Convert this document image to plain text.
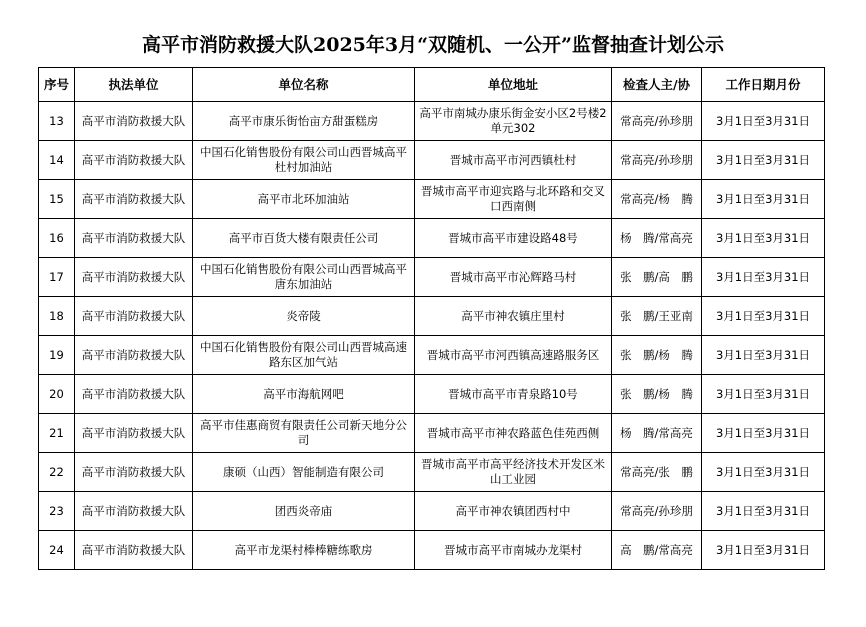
高平市消防救援大队2025年3月“双随机、一公开”监督抽查计划公示
序号	执法单位	单位名称	单位地址	检查人主/协	工作日期月份
13	高平市消防救援大队	高平市康乐街怡亩方甜蛋糕房	高平市南城办康乐街金安小区2号楼2单元302	常高亮/孙珍朋	3月1日至3月31日
14	高平市消防救援大队	中国石化销售股份有限公司山西晋城高平杜村加油站	晋城市高平市河西镇杜村	常高亮/孙珍朋	3月1日至3月31日
15	高平市消防救援大队	高平市北环加油站	晋城市高平市迎宾路与北环路和交叉口西南侧	常高亮/杨　腾	3月1日至3月31日
16	高平市消防救援大队	高平市百货大楼有限责任公司	晋城市高平市建设路48号	杨　腾/常高亮	3月1日至3月31日
17	高平市消防救援大队	中国石化销售股份有限公司山西晋城高平唐东加油站	晋城市高平市沁辉路马村	张　鹏/高　鹏	3月1日至3月31日
18	高平市消防救援大队	炎帝陵	高平市神农镇庄里村	张　鹏/王亚南	3月1日至3月31日
19	高平市消防救援大队	中国石化销售股份有限公司山西晋城高速路东区加气站	晋城市高平市河西镇高速路服务区	张　鹏/杨　腾	3月1日至3月31日
20	高平市消防救援大队	高平市海航网吧	晋城市高平市青泉路10号	张　鹏/杨　腾	3月1日至3月31日
21	高平市消防救援大队	高平市佳惠商贸有限责任公司新天地分公司	晋城市高平市神农路蓝色佳苑西侧	杨　腾/常高亮	3月1日至3月31日
22	高平市消防救援大队	康硕（山西）智能制造有限公司	晋城市高平市高平经济技术开发区米山工业园	常高亮/张　鹏	3月1日至3月31日
23	高平市消防救援大队	团西炎帝庙	高平市神农镇团西村中	常高亮/孙珍朋	3月1日至3月31日
24	高平市消防救援大队	高平市龙渠村棒棒糖练歌房	晋城市高平市南城办龙渠村	高　鹏/常高亮	3月1日至3月31日
